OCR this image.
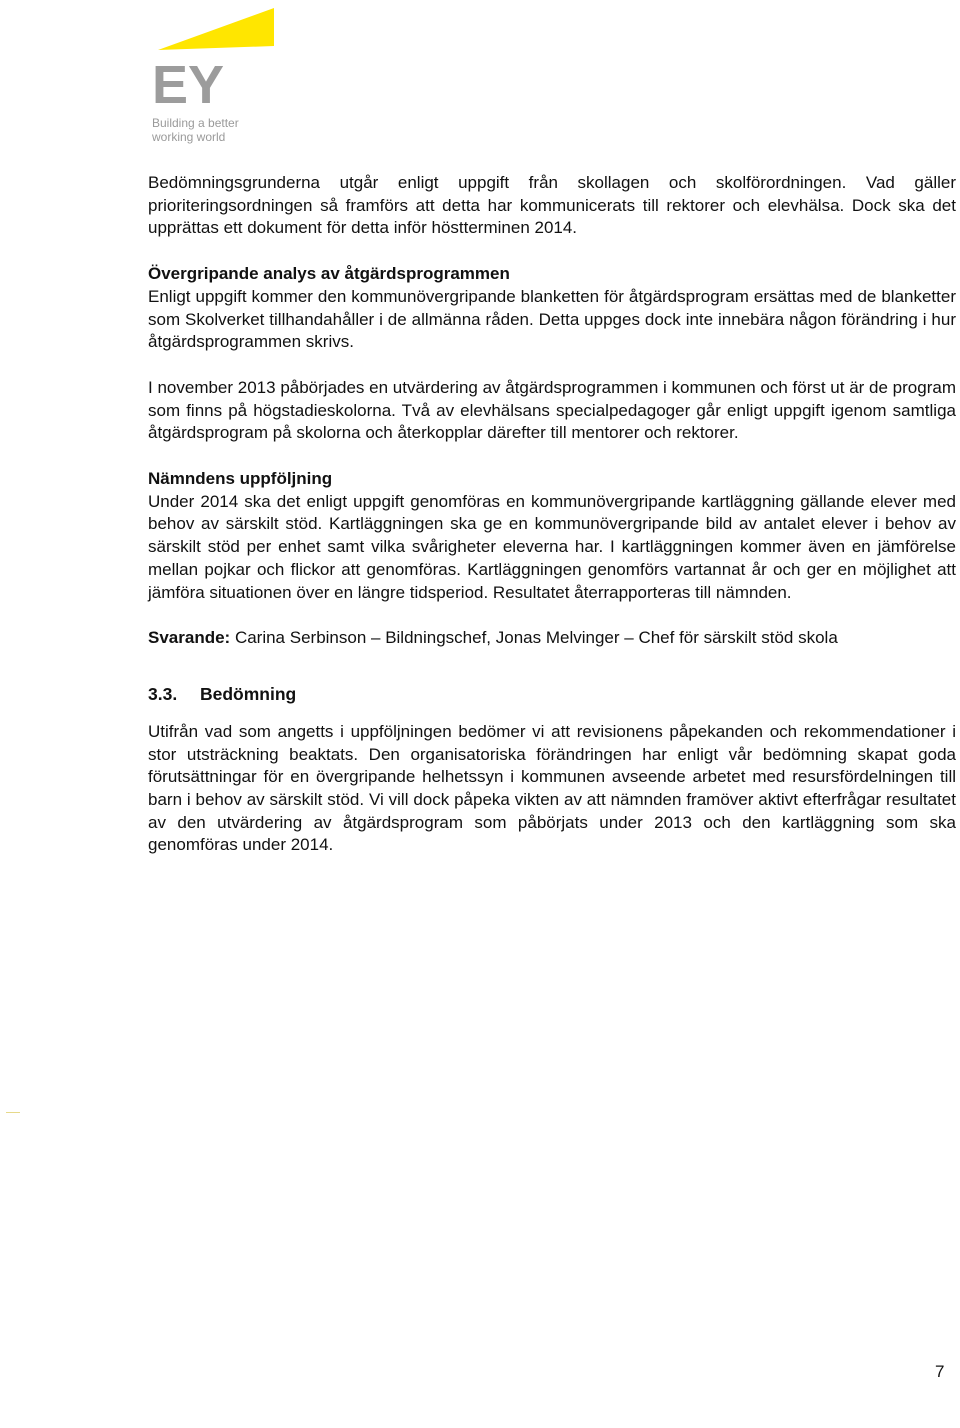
EY
Building a better
working world

Bedömningsgrunderna utgår enligt uppgift från skollagen och skolförordningen. Vad gäller prioriteringsordningen så framförs att detta har kommunicerats till rektorer och elevhälsa. Dock ska det upprättas ett dokument för detta inför höstterminen 2014.

Övergripande analys av åtgärdsprogrammen

Enligt uppgift kommer den kommunövergripande blanketten för åtgärdsprogram ersättas med de blanketter som Skolverket tillhandahåller i de allmänna råden. Detta uppges dock inte innebära någon förändring i hur åtgärdsprogrammen skrivs.

I november 2013 påbörjades en utvärdering av åtgärdsprogrammen i kommunen och först ut är de program som finns på högstadieskolorna. Två av elevhälsans specialpedagoger går enligt uppgift igenom samtliga åtgärdsprogram på skolorna och återkopplar därefter till mentorer och rektorer.

Nämndens uppföljning

Under 2014 ska det enligt uppgift genomföras en kommunövergripande kartläggning gällande elever med behov av särskilt stöd. Kartläggningen ska ge en kommunövergripande bild av antalet elever i behov av särskilt stöd per enhet samt vilka svårigheter eleverna har. I kartläggningen kommer även en jämförelse mellan pojkar och flickor att genomföras. Kartläggningen genomförs vartannat år och ger en möjlighet att jämföra situationen över en längre tidsperiod. Resultatet återrapporteras till nämnden.

Svarande: Carina Serbinson – Bildningschef, Jonas Melvinger – Chef för särskilt stöd skola

3.3.	Bedömning

Utifrån vad som angetts i uppföljningen bedömer vi att revisionens påpekanden och rekommendationer i stor utsträckning beaktats. Den organisatoriska förändringen har enligt vår bedömning skapat goda förutsättningar för en övergripande helhetssyn i kommunen avseende arbetet med resursfördelningen till barn i behov av särskilt stöd. Vi vill dock påpeka vikten av att nämnden framöver aktivt efterfrågar resultatet av den utvärdering av åtgärdsprogram som påbörjats under 2013 och den kartläggning som ska genomföras under 2014.

7
